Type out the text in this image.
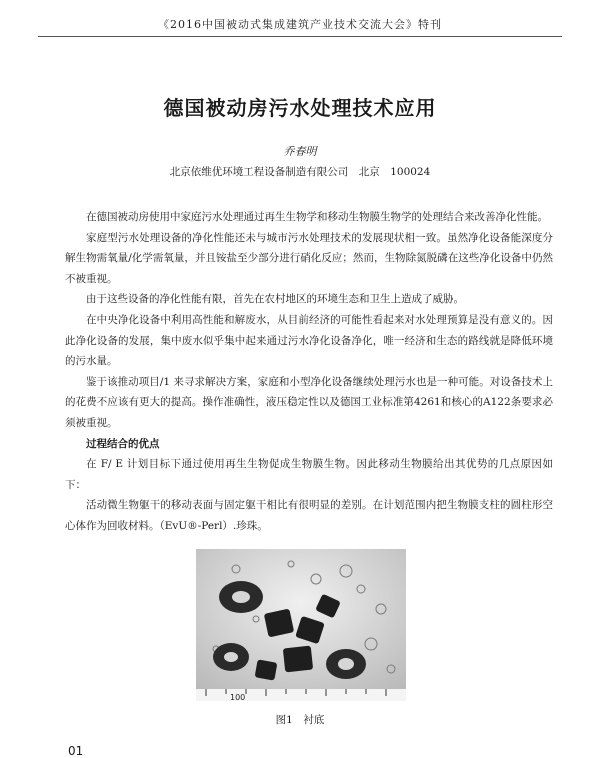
《2016中国被动式集成建筑产业技术交流大会》特刊
德国被动房污水处理技术应用
乔春明
北京依维优环境工程设备制造有限公司　北京　100024

在德国被动房使用中家庭污水处理通过再生生物学和移动生物膜生物学的处理结合来改善净化性能。

家庭型污水处理设备的净化性能还未与城市污水处理技术的发展现状相一致。虽然净化设备能深度分解生物需氧量/化学需氧量，并且铵盐至少部分进行硝化反应；然而，生物除氮脱磷在这些净化设备中仍然不被重视。

由于这些设备的净化性能有限，首先在农村地区的环境生态和卫生上造成了威胁。

在中央净化设备中利用高性能和解废水，从目前经济的可能性看起来对水处理预算是没有意义的。因此净化设备的发展，集中废水似乎集中起来通过污水净化设备净化，唯一经济和生态的路线就是降低环境的污水量。

鉴于该推动项目/1 来寻求解决方案，家庭和小型净化设备继续处理污水也是一种可能。对设备技术上的花费不应该有更大的提高。操作准确性，液压稳定性以及德国工业标准第4261和核心的A122条要求必须被重视。

过程结合的优点

在 F/ E 计划目标下通过使用再生生物促成生物膜生物。因此移动生物膜给出其优势的几点原因如下：

活动微生物躯干的移动表面与固定躯干相比有很明显的差别。在计划范围内把生物膜支柱的圆柱形空心体作为回收材料。（EvU®-Perl）.珍珠。

100
图1　衬底
01
